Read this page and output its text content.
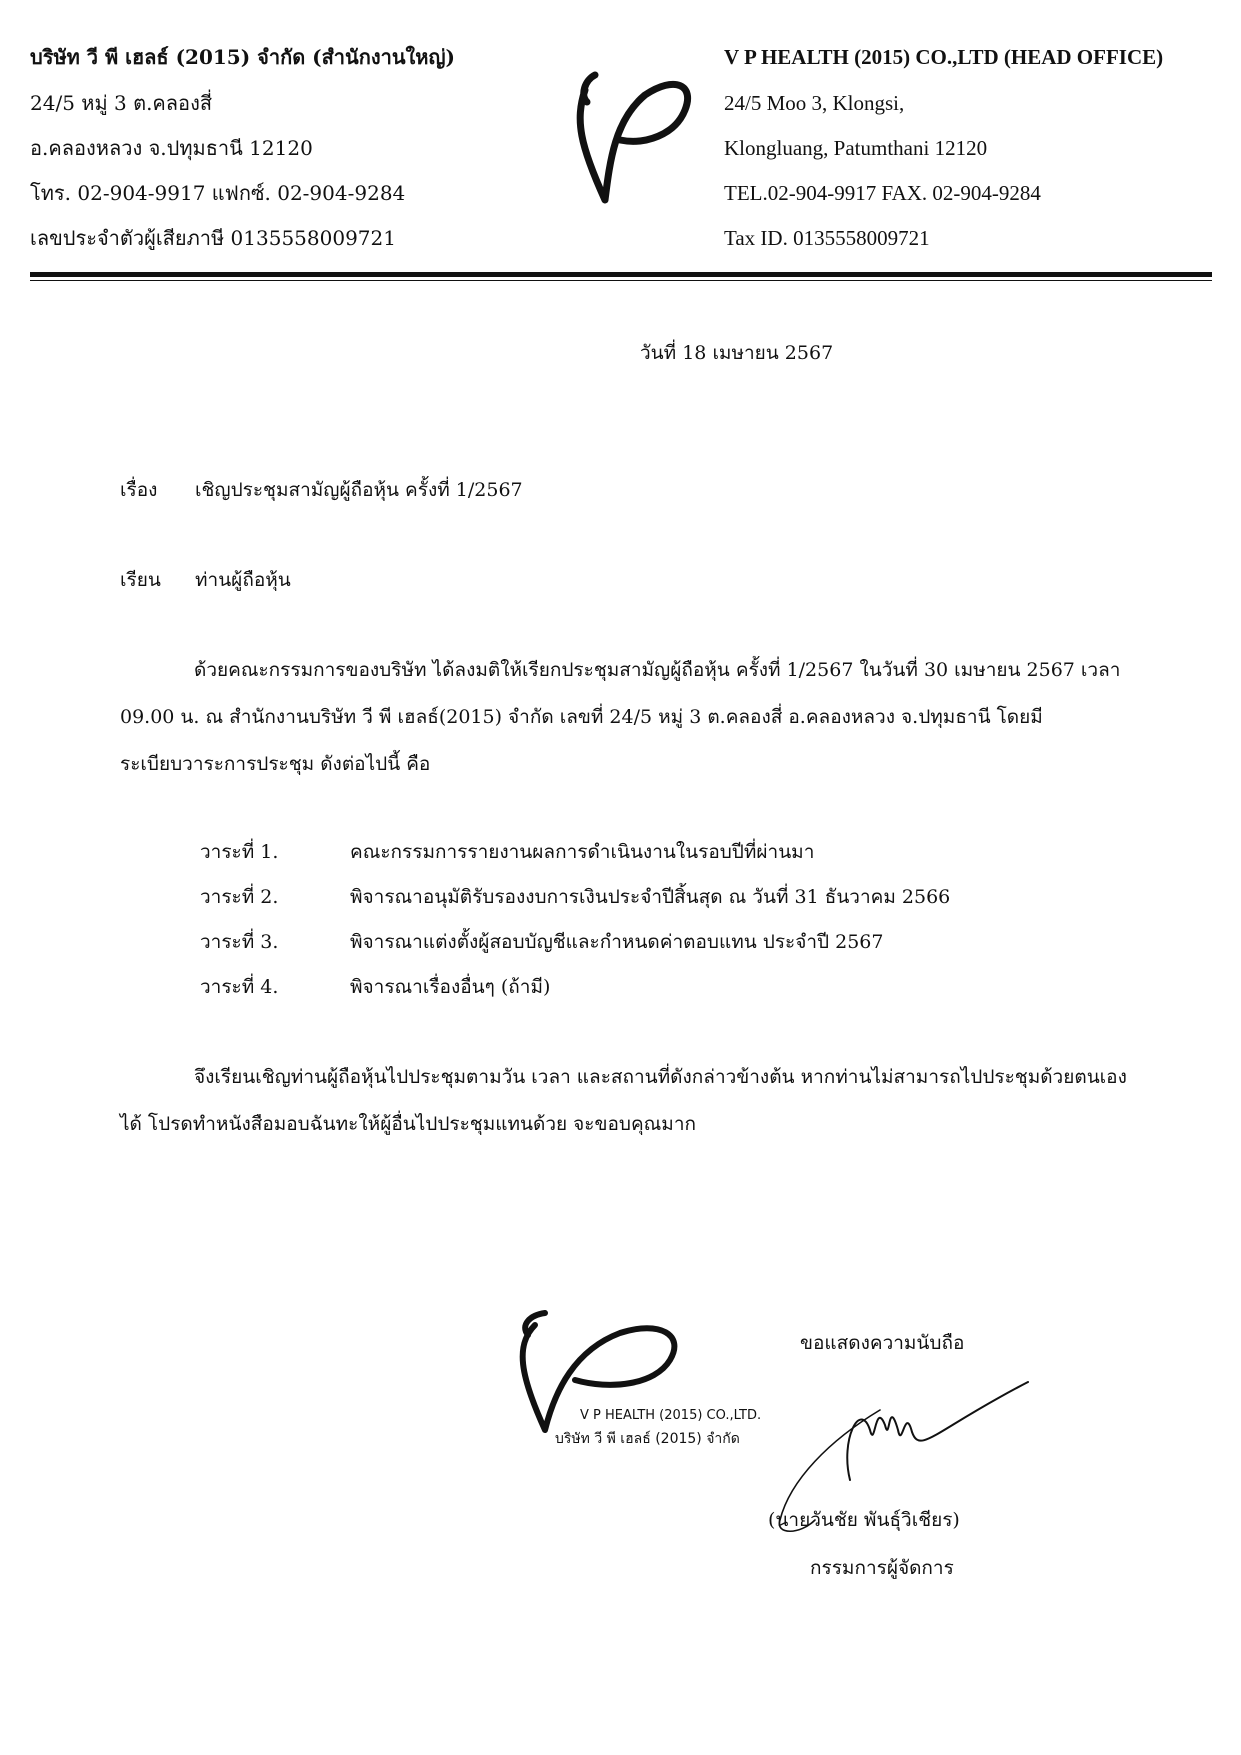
บริษัท วี พี เฮลธ์ (2015) จำกัด (สำนักงานใหญ่)
24/5 หมู่ 3 ต.คลองสี่
อ.คลองหลวง จ.ปทุมธานี 12120
โทร. 02-904-9917 แฟกซ์. 02-904-9284
เลขประจำตัวผู้เสียภาษี 0135558009721
V P HEALTH (2015) CO.,LTD (HEAD OFFICE)
24/5 Moo 3, Klongsi,
Klongluang, Patumthani 12120
TEL.02-904-9917 FAX. 02-904-9284
Tax ID. 0135558009721
วันที่ 18 เมษายน 2567
เรื่อง เชิญประชุมสามัญผู้ถือหุ้น ครั้งที่ 1/2567
เรียน ท่านผู้ถือหุ้น
ด้วยคณะกรรมการของบริษัท ได้ลงมติให้เรียกประชุมสามัญผู้ถือหุ้น ครั้งที่ 1/2567 ในวันที่ 30 เมษายน 2567 เวลา 09.00 น. ณ สำนักงานบริษัท วี พี เฮลธ์(2015) จำกัด เลขที่ 24/5 หมู่ 3 ต.คลองสี่ อ.คลองหลวง จ.ปทุมธานี โดยมีระเบียบวาระการประชุม ดังต่อไปนี้ คือ
วาระที่ 1.	คณะกรรมการรายงานผลการดำเนินงานในรอบปีที่ผ่านมา
วาระที่ 2.	พิจารณาอนุมัติรับรองงบการเงินประจำปีสิ้นสุด ณ วันที่ 31 ธันวาคม 2566
วาระที่ 3.	พิจารณาแต่งตั้งผู้สอบบัญชีและกำหนดค่าตอบแทน ประจำปี 2567
วาระที่ 4.	พิจารณาเรื่องอื่นๆ (ถ้ามี)
จึงเรียนเชิญท่านผู้ถือหุ้นไปประชุมตามวัน เวลา และสถานที่ดังกล่าวข้างต้น หากท่านไม่สามารถไปประชุมด้วยตนเองได้ โปรดทำหนังสือมอบฉันทะให้ผู้อื่นไปประชุมแทนด้วย จะขอบคุณมาก
ขอแสดงความนับถือ
V P HEALTH (2015) CO.,LTD.
บริษัท วี พี เฮลธ์ (2015) จำกัด
(นายวันชัย พันธุ์วิเชียร)
กรรมการผู้จัดการ
